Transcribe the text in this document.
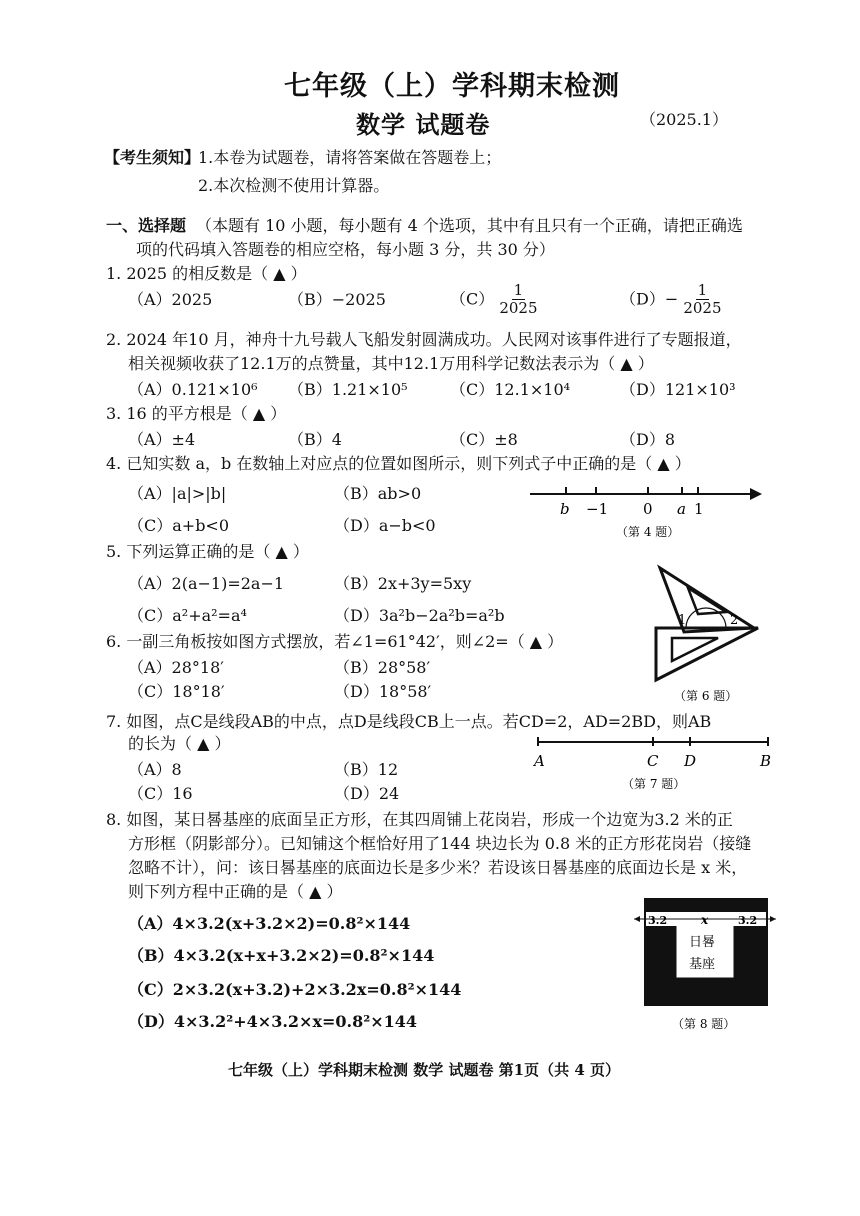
七年级（上）学科期末检测
数学 试题卷	（2025.1）
【考生须知】
1.本卷为试题卷，请将答案做在答题卷上；
2.本次检测不使用计算器。
一、选择题 （本题有 10 小题，每小题有 4 个选项，其中有且只有一个正确，请把正确选
项的代码填入答题卷的相应空格，每小题 3 分，共 30 分）
1. 2025 的相反数是（ ▲ ）
（A）2025	（B）−2025	$(C) \frac{1}{2025}$	$(D)- \frac{1}{2025}$
2. 2024 年10 月，神舟十九号载人飞船发射圆满成功。人民网对该事件进行了专题报道，
相关视频收获了12.1万的点赞量，其中12.1万用科学记数法表示为（ ▲ ）
（A）0.121×10⁶ （B）1.21×10⁵	（C）12.1×10⁴	（D）121×10³
3. 16 的平方根是（ ▲ ）
（A）±4	（B）4	（C）±8	（D）8
4. 已知实数 a，b 在数轴上对应点的位置如图所示，则下列式子中正确的是（ ▲ ）
（A）|a|>|b|	（B）ab>0
（C）a+b<0	（D）a−b<0
b −1 0 a 1
（第 4 题）
5. 下列运算正确的是（ ▲ ）
（A）2(a−1)=2a−1	（B）2x+3y=5xy
（C）a²+a²=a⁴	（D）3a²b−2a²b=a²b	1	2
（第 6 题）
6. 一副三角板按如图方式摆放，若∠1=61°42′，则∠2=（ ▲ ）
（A）28°18′	（B）28°58′
（C）18°18′	（D）18°58′
7. 如图，点C是线段AB的中点，点D是线段CB上一点。若CD=2，AD=2BD，则AB
的长为（ ▲ ）
（A）8	（B）12
（C）16	（D）24
A	C D	B
（第 7 题）
8. 如图，某日晷基座的底面呈正方形，在其四周铺上花岗岩，形成一个边宽为3.2 米的正
方形框（阴影部分）。已知铺这个框恰好用了144 块边长为 0.8 米的正方形花岗岩（接缝
忽略不计），问：该日晷基座的底面边长是多少米？若设该日晷基座的底面边长是 x 米，
则下列方程中正确的是（ ▲ ）
（A）4×3.2(x+3.2×2)=0.8²×144
（B）4×3.2(x+x+3.2×2)=0.8²×144
（C）2×3.2(x+3.2)+2×3.2x=0.8²×144
（D）4×3.2²+4×3.2×x=0.8²×144
3.2	x	3.2
日晷
基座
（第 8 题）
七年级（上）学科期末检测 数学 试题卷 第1页（共 4 页）
